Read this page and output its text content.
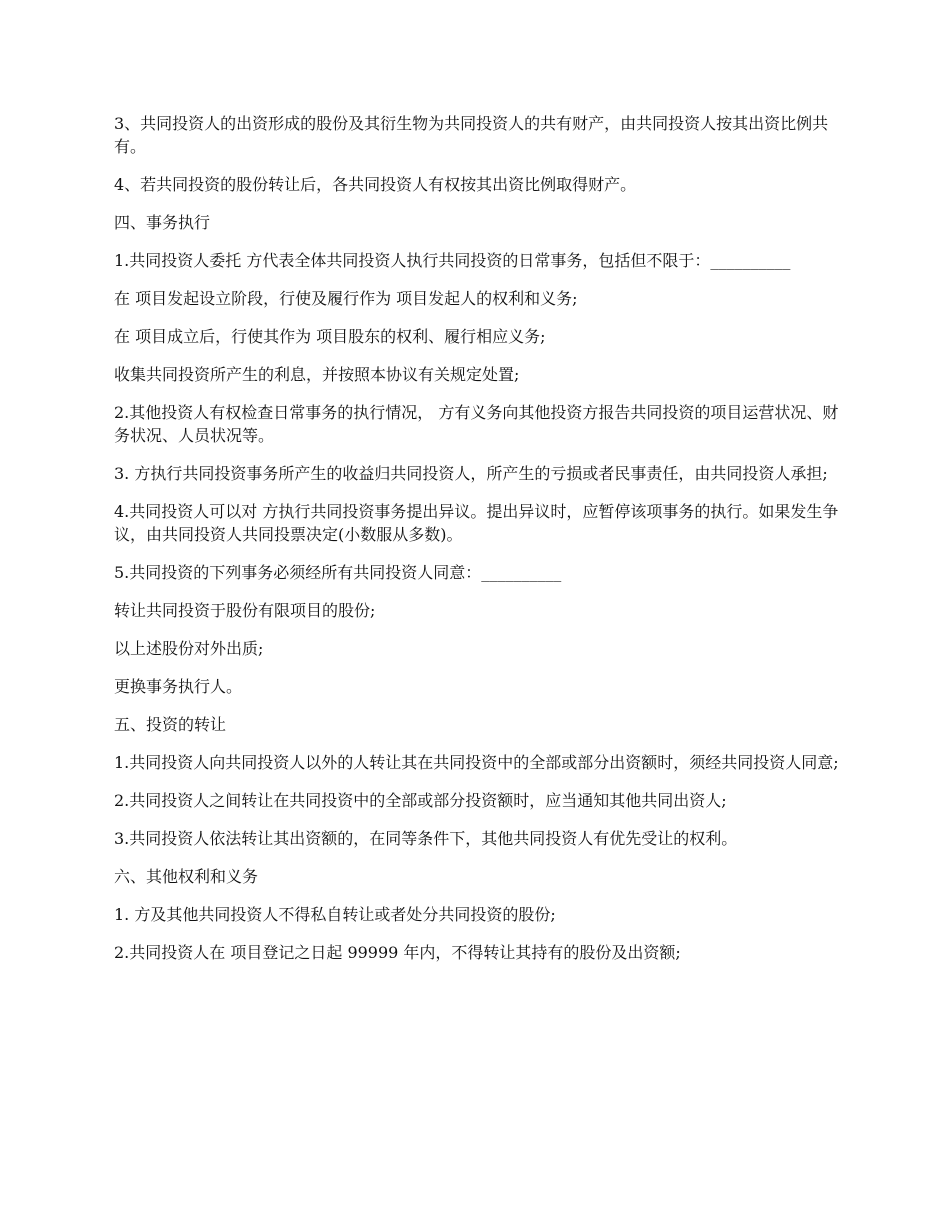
3、共同投资人的出资形成的股份及其衍生物为共同投资人的共有财产，由共同投资人按其出资比例共有。

4、若共同投资的股份转让后，各共同投资人有权按其出资比例取得财产。

四、事务执行

1.共同投资人委托 方代表全体共同投资人执行共同投资的日常事务，包括但不限于：__________

在 项目发起设立阶段，行使及履行作为 项目发起人的权利和义务;

在 项目成立后，行使其作为 项目股东的权利、履行相应义务;

收集共同投资所产生的利息，并按照本协议有关规定处置;

2.其他投资人有权检查日常事务的执行情况， 方有义务向其他投资方报告共同投资的项目运营状况、财务状况、人员状况等。

3. 方执行共同投资事务所产生的收益归共同投资人，所产生的亏损或者民事责任，由共同投资人承担;

4.共同投资人可以对 方执行共同投资事务提出异议。提出异议时，应暂停该项事务的执行。如果发生争议，由共同投资人共同投票决定(小数服从多数)。

5.共同投资的下列事务必须经所有共同投资人同意：__________

转让共同投资于股份有限项目的股份;

以上述股份对外出质;

更换事务执行人。

五、投资的转让

1.共同投资人向共同投资人以外的人转让其在共同投资中的全部或部分出资额时，须经共同投资人同意;

2.共同投资人之间转让在共同投资中的全部或部分投资额时，应当通知其他共同出资人;

3.共同投资人依法转让其出资额的，在同等条件下，其他共同投资人有优先受让的权利。

六、其他权利和义务

1. 方及其他共同投资人不得私自转让或者处分共同投资的股份;

2.共同投资人在 项目登记之日起 99999 年内，不得转让其持有的股份及出资额;
